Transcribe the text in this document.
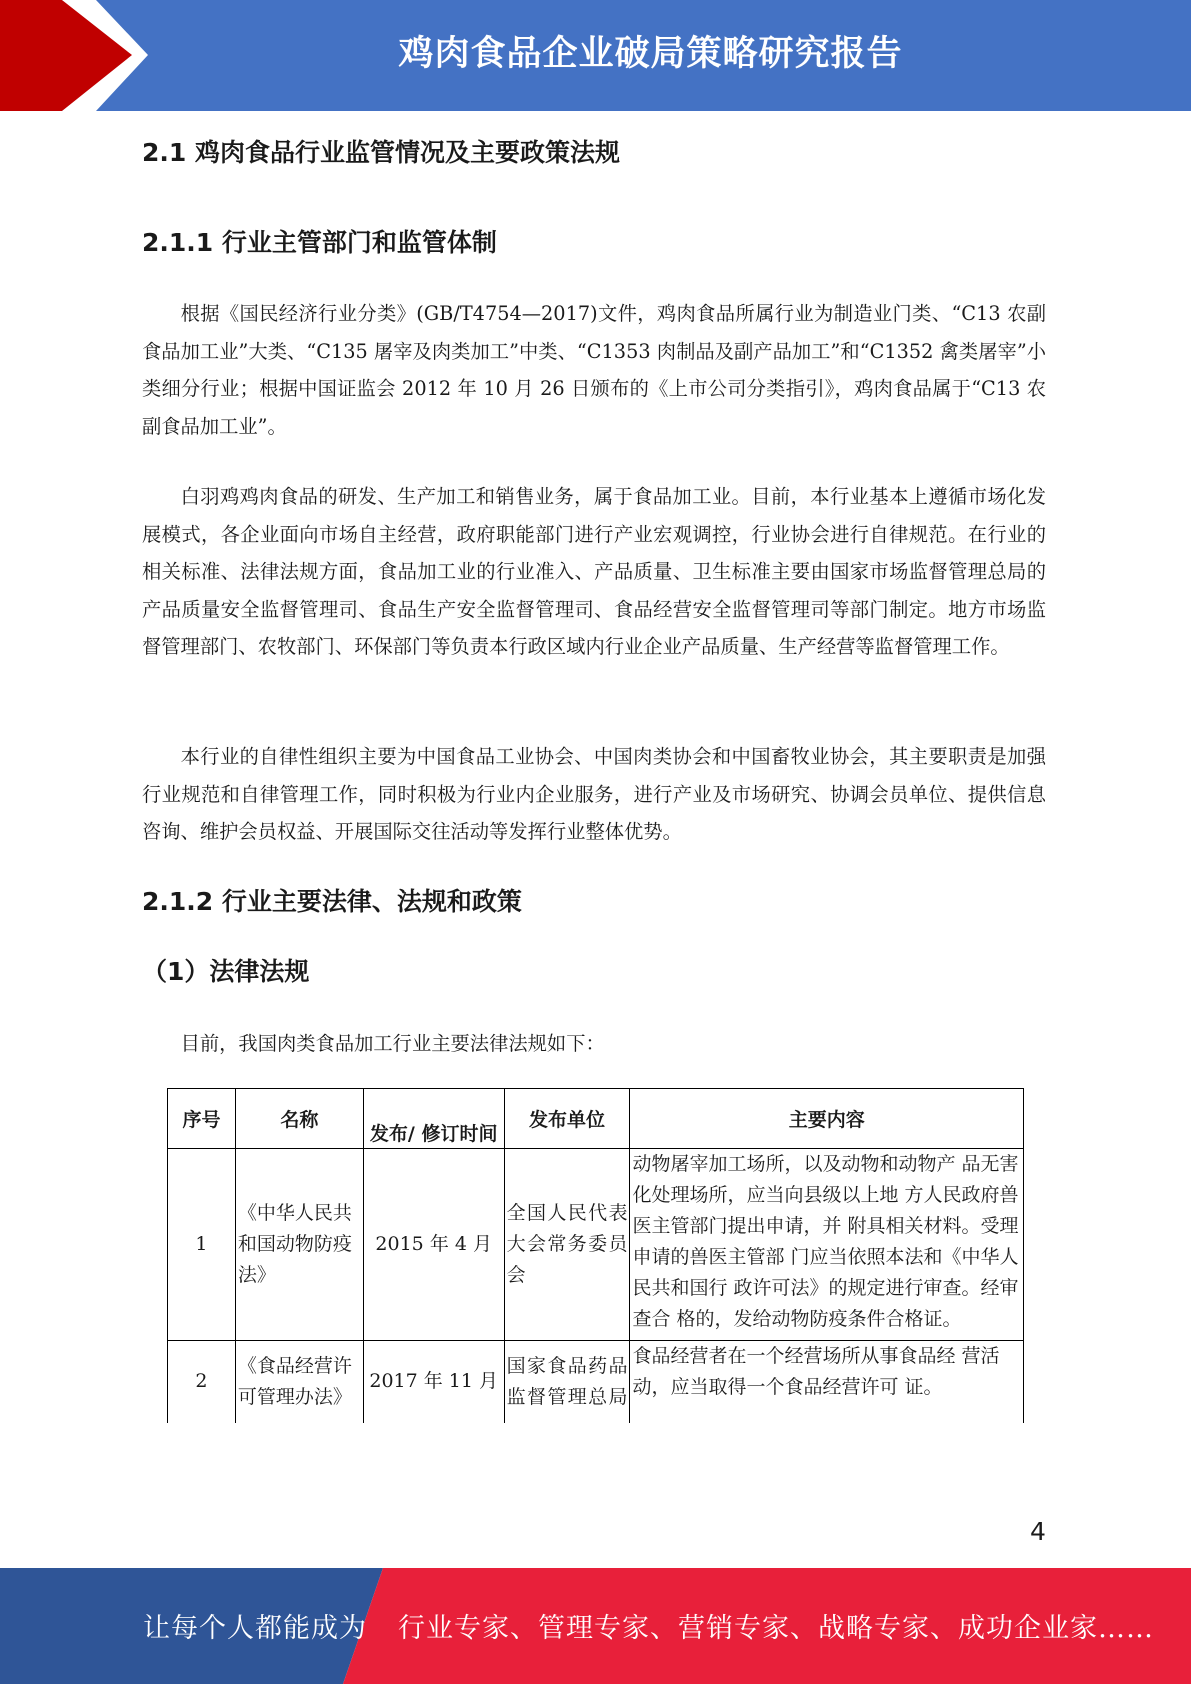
鸡肉食品企业破局策略研究报告
2.1 鸡肉食品行业监管情况及主要政策法规
2.1.1 行业主管部门和监管体制

根据《国民经济行业分类》(GB/T4754—2017)文件，鸡肉食品所属行业为制造业门类、“C13 农副食品加工业”大类、“C135 屠宰及肉类加工”中类、“C1353 肉制品及副产品加工”和“C1352 禽类屠宰”小类细分行业；根据中国证监会 2012 年 10 月 26 日颁布的《上市公司分类指引》，鸡肉食品属于“C13 农副食品加工业”。

白羽鸡鸡肉食品的研发、生产加工和销售业务，属于食品加工业。目前，本行业基本上遵循市场化发展模式，各企业面向市场自主经营，政府职能部门进行产业宏观调控，行业协会进行自律规范。在行业的相关标准、法律法规方面，食品加工业的行业准入、产品质量、卫生标准主要由国家市场监督管理总局的产品质量安全监督管理司、食品生产安全监督管理司、食品经营安全监督管理司等部门制定。地方市场监督管理部门、农牧部门、环保部门等负责本行政区域内行业企业产品质量、生产经营等监督管理工作。

本行业的自律性组织主要为中国食品工业协会、中国肉类协会和中国畜牧业协会，其主要职责是加强行业规范和自律管理工作，同时积极为行业内企业服务，进行产业及市场研究、协调会员单位、提供信息咨询、维护会员权益、开展国际交往活动等发挥行业整体优势。

2.1.2 行业主要法律、法规和政策
（1）法律法规

目前，我国肉类食品加工行业主要法律法规如下：

序号	名称	发布/ 修订时间	发布单位	主要内容
1	《中华人民共和国动物防疫法》	2015 年 4 月	全国人民代表大会常务委员会	动物屠宰加工场所，以及动物和动物产 品无害化处理场所，应当向县级以上地 方人民政府兽医主管部门提出申请，并 附具相关材料。受理申请的兽医主管部 门应当依照本法和《中华人民共和国行 政许可法》的规定进行审查。经审查合 格的，发给动物防疫条件合格证。
2	《食品经营许可管理办法》	2017 年 11 月	国家食品药品监督管理总局	食品经营者在一个经营场所从事食品经 营活动，应当取得一个食品经营许可 证。
4
让每个人都能成为 行业专家、管理专家、营销专家、战略专家、成功企业家……
